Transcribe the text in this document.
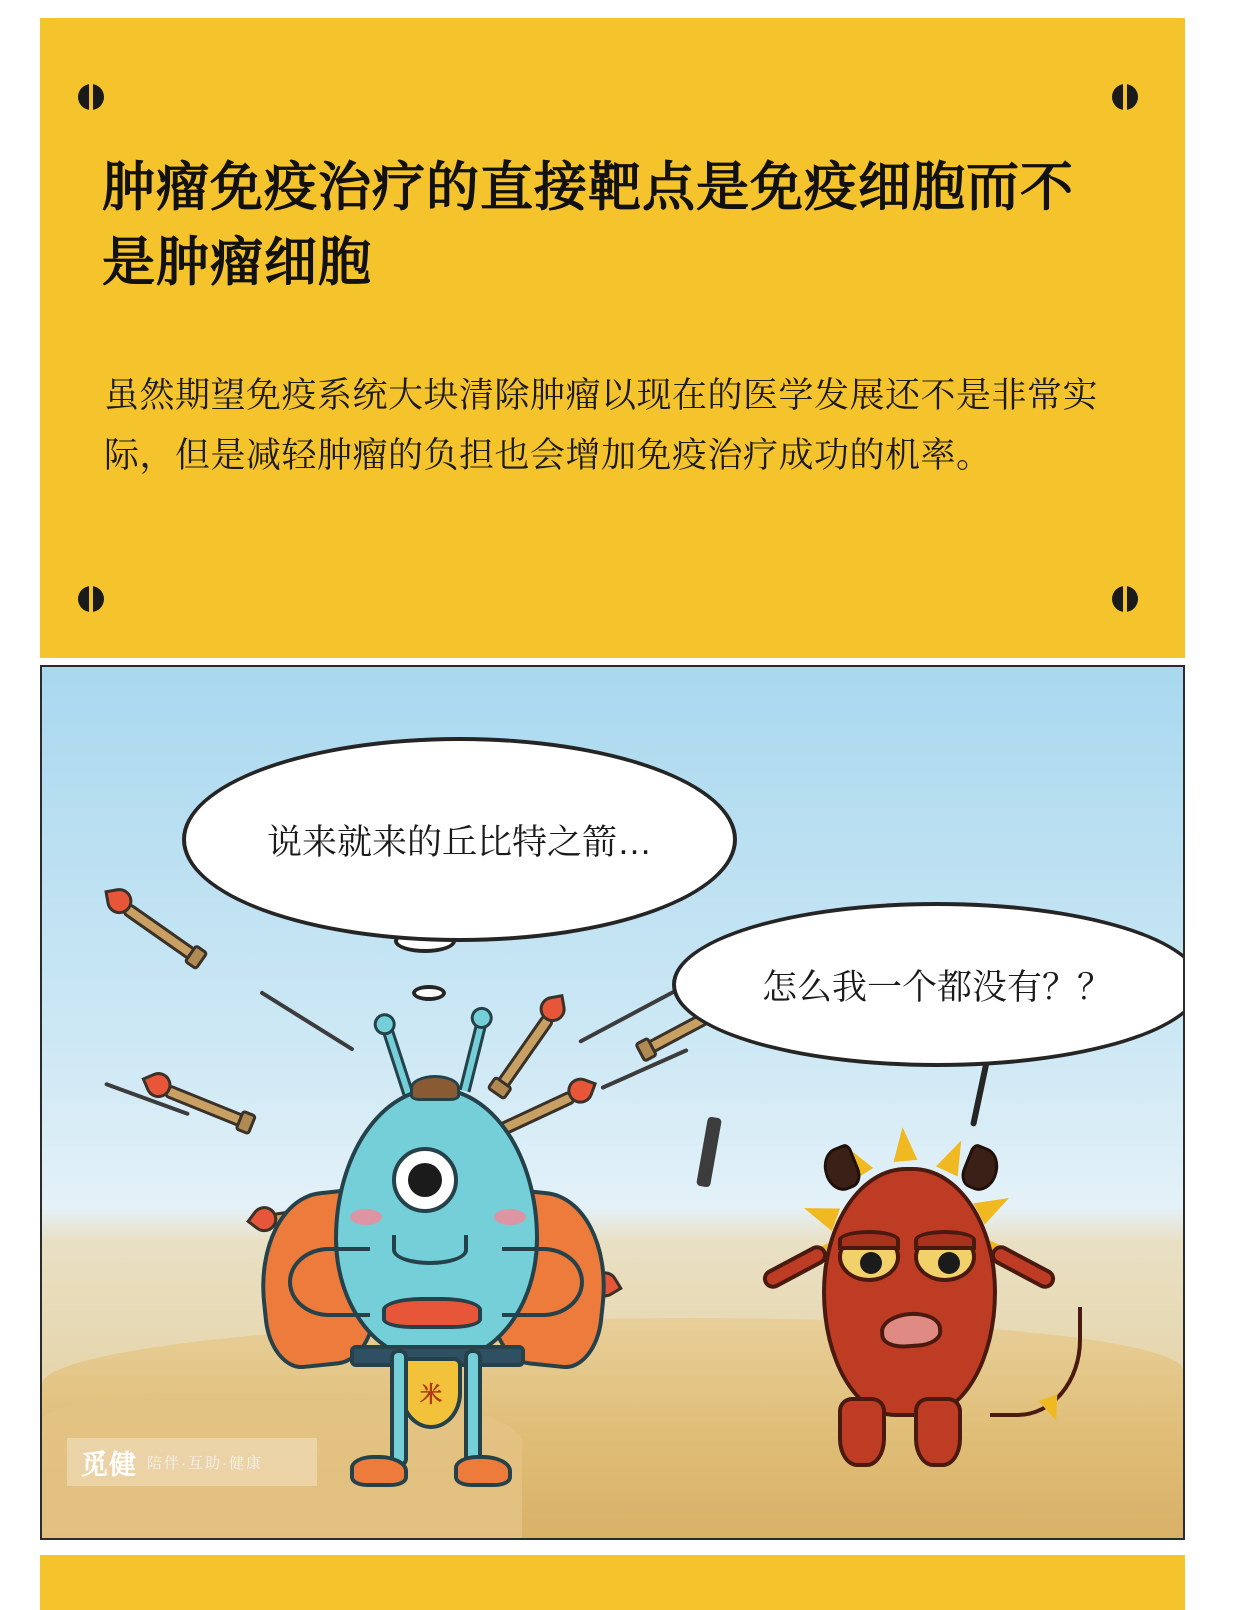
肿瘤免疫治疗的直接靶点是免疫细胞而不是肿瘤细胞
虽然期望免疫系统大块清除肿瘤以现在的医学发展还不是非常实际，但是减轻肿瘤的负担也会增加免疫治疗成功的机率。
米
说来就来的丘比特之箭…
怎么我一个都没有？？
觅健 陪伴·互助·健康
